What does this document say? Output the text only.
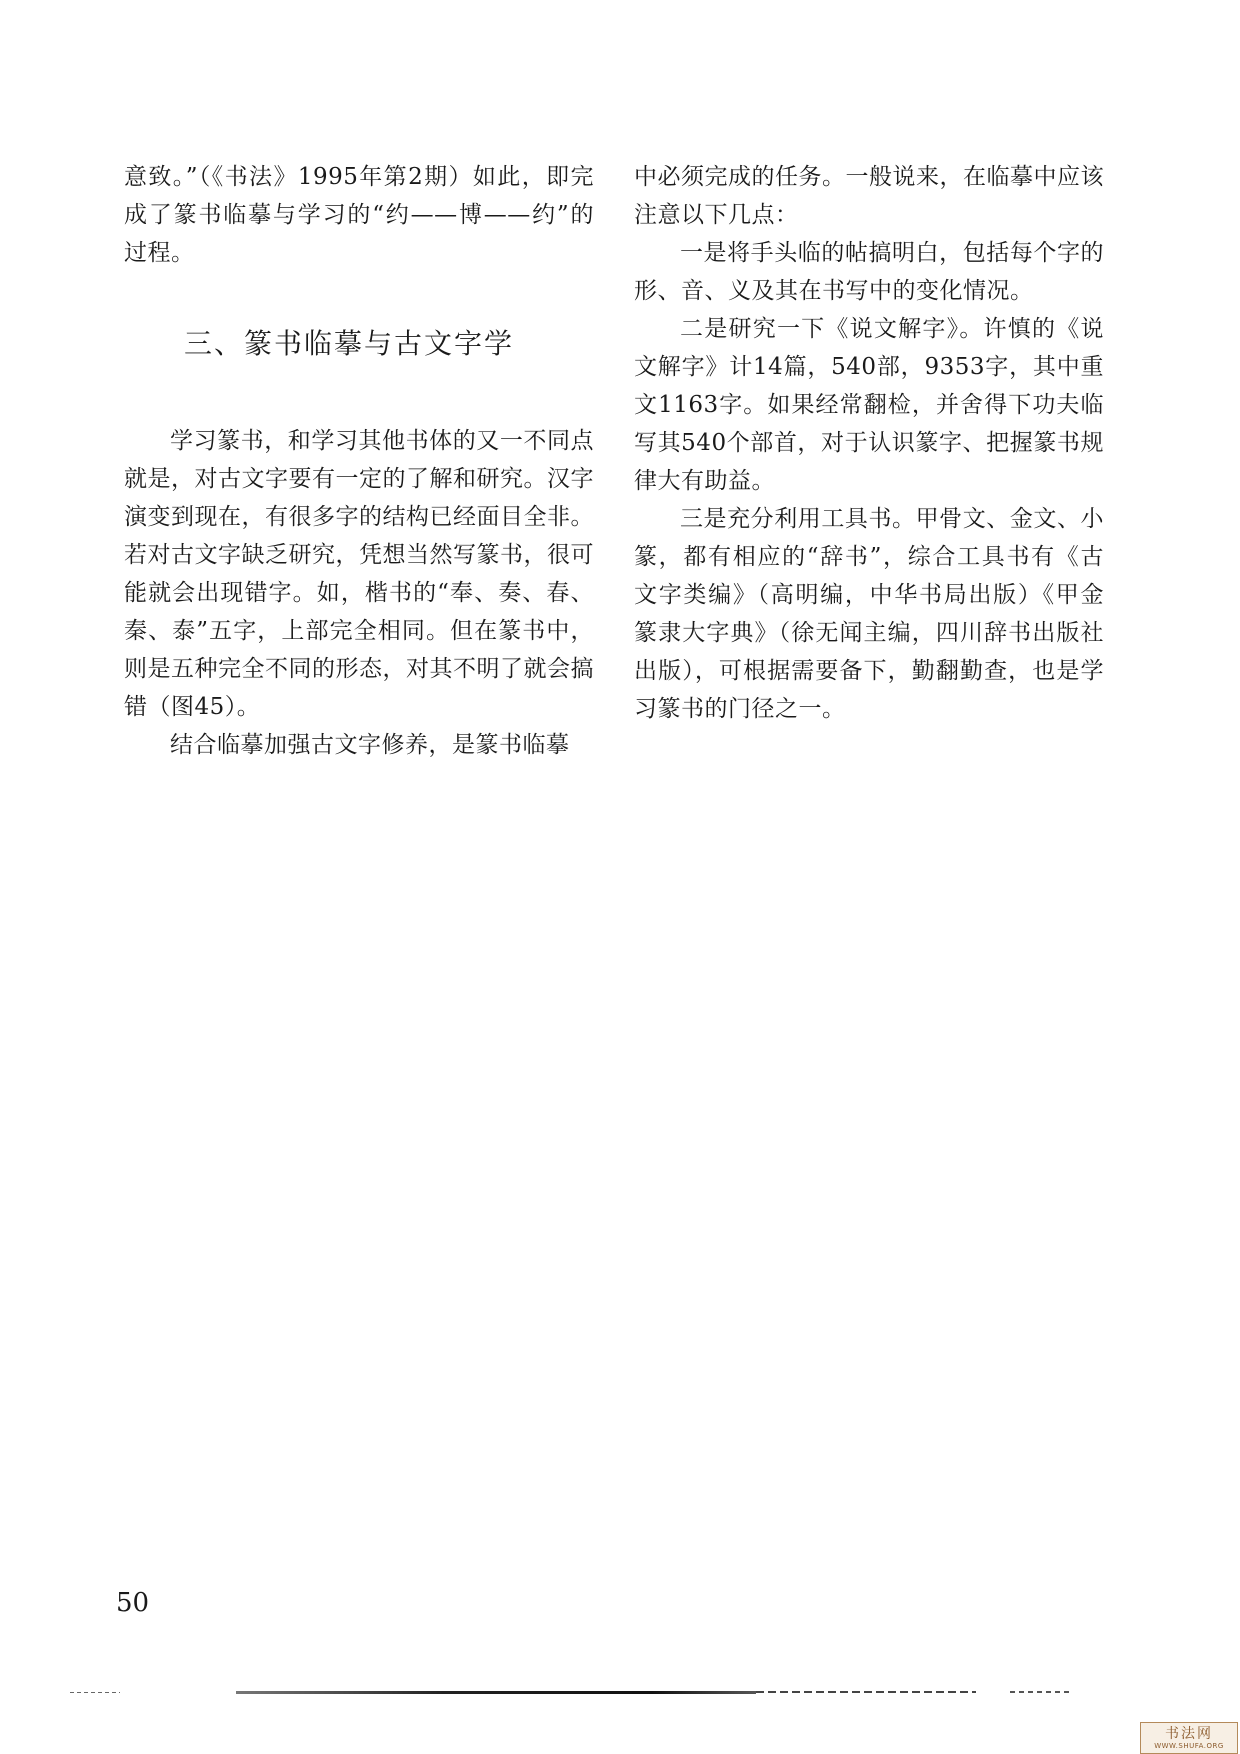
意致。”（《书法》1995年第2期）如此，即完成了篆书临摹与学习的“约——博——约”的过程。

三、篆书临摹与古文字学

学习篆书，和学习其他书体的又一不同点就是，对古文字要有一定的了解和研究。汉字演变到现在，有很多字的结构已经面目全非。若对古文字缺乏研究，凭想当然写篆书，很可能就会出现错字。如，楷书的“奉、奏、春、秦、泰”五字，上部完全相同。但在篆书中，则是五种完全不同的形态，对其不明了就会搞错（图45）。

结合临摹加强古文字修养，是篆书临摹

中必须完成的任务。一般说来，在临摹中应该注意以下几点：

一是将手头临的帖搞明白，包括每个字的形、音、义及其在书写中的变化情况。

二是研究一下《说文解字》。许慎的《说文解字》计14篇，540部，9353字，其中重文1163字。如果经常翻检，并舍得下功夫临写其540个部首，对于认识篆字、把握篆书规律大有助益。

三是充分利用工具书。甲骨文、金文、小篆，都有相应的“辞书”，综合工具书有《古文字类编》（高明编，中华书局出版）《甲金篆隶大字典》（徐无闻主编，四川辞书出版社出版），可根据需要备下，勤翻勤查，也是学习篆书的门径之一。

50
书法网
WWW.SHUFA.ORG
